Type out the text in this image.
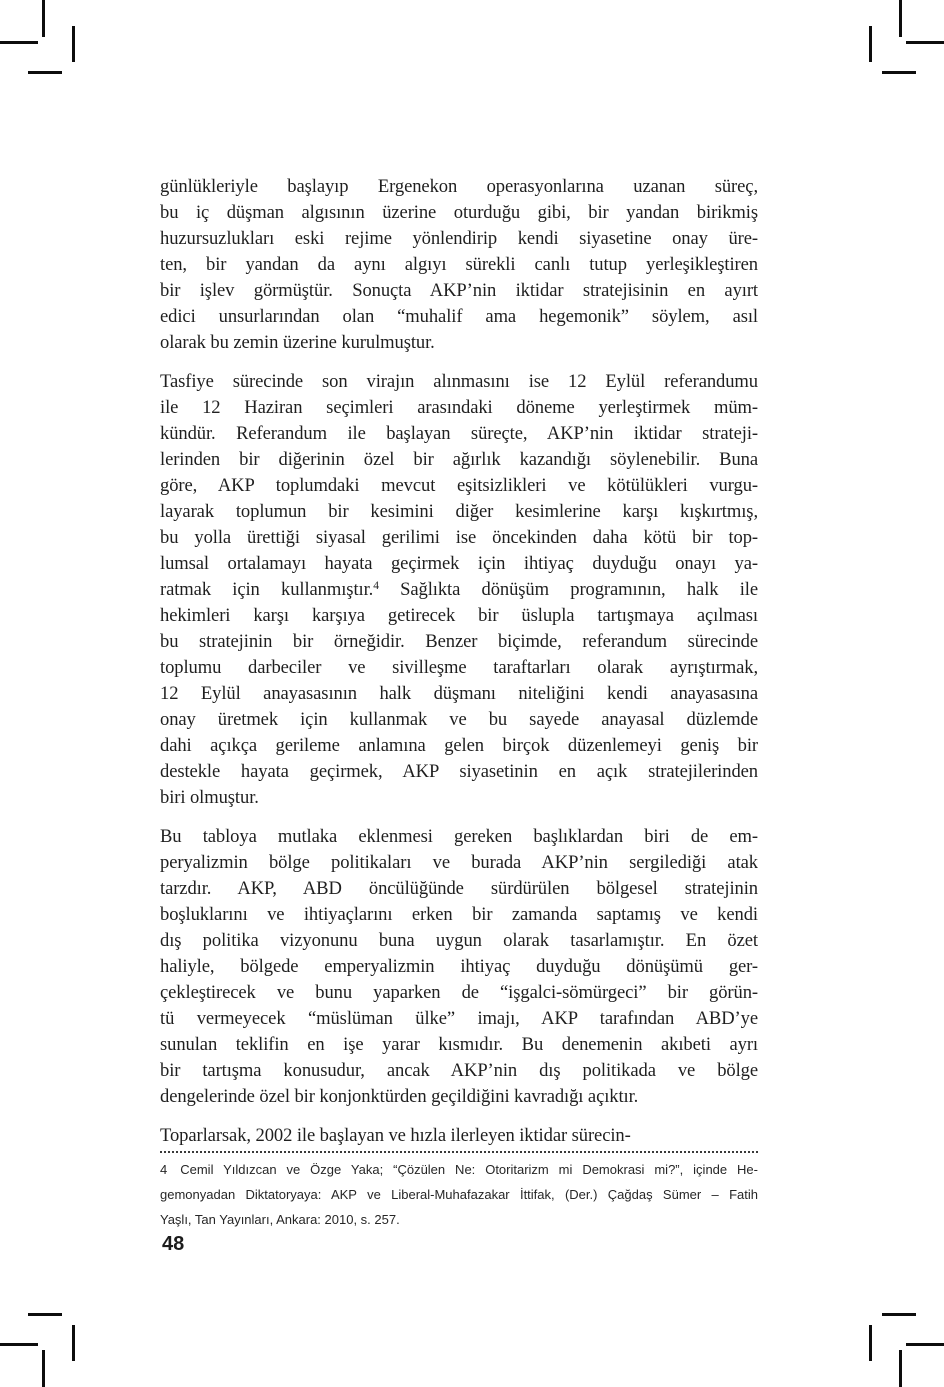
günlükleriyle başlayıp Ergenekon operasyonlarına uzanan süreç,
bu iç düşman algısının üzerine oturduğu gibi, bir yandan birikmiş
huzursuzlukları eski rejime yönlendirip kendi siyasetine onay üre-
ten, bir yandan da aynı algıyı sürekli canlı tutup yerleşikleştiren
bir işlev görmüştür. Sonuçta AKP’nin iktidar stratejisinin en ayırt
edici unsurlarından olan “muhalif ama hegemonik” söylem, asıl
olarak bu zemin üzerine kurulmuştur.

Tasfiye sürecinde son virajın alınmasını ise 12 Eylül referandumu
ile 12 Haziran seçimleri arasındaki döneme yerleştirmek müm-
kündür. Referandum ile başlayan süreçte, AKP’nin iktidar strateji-
lerinden bir diğerinin özel bir ağırlık kazandığı söylenebilir. Buna
göre, AKP toplumdaki mevcut eşitsizlikleri ve kötülükleri vurgu-
layarak toplumun bir kesimini diğer kesimlerine karşı kışkırtmış,
bu yolla ürettiği siyasal gerilimi ise öncekinden daha kötü bir top-
lumsal ortalamayı hayata geçirmek için ihtiyaç duyduğu onayı ya-
ratmak için kullanmıştır.$^4$ Sağlıkta dönüşüm programının, halk ile
hekimleri karşı karşıya getirecek bir üslupla tartışmaya açılması
bu stratejinin bir örneğidir. Benzer biçimde, referandum sürecinde
toplumu darbeciler ve sivilleşme taraftarları olarak ayrıştırmak,
12 Eylül anayasasının halk düşmanı niteliğini kendi anayasasına
onay üretmek için kullanmak ve bu sayede anayasal düzlemde
dahi açıkça gerileme anlamına gelen birçok düzenlemeyi geniş bir
destekle hayata geçirmek, AKP siyasetinin en açık stratejilerinden
biri olmuştur.

Bu tabloya mutlaka eklenmesi gereken başlıklardan biri de em-
peryalizmin bölge politikaları ve burada AKP’nin sergilediği atak
tarzdır. AKP, ABD öncülüğünde sürdürülen bölgesel stratejinin
boşluklarını ve ihtiyaçlarını erken bir zamanda saptamış ve kendi
dış politika vizyonunu buna uygun olarak tasarlamıştır. En özet
haliyle, bölgede emperyalizmin ihtiyaç duyduğu dönüşümü ger-
çekleştirecek ve bunu yaparken de “işgalci-sömürgeci” bir görün-
tü vermeyecek “müslüman ülke” imajı, AKP tarafından ABD’ye
sunulan teklifin en işe yarar kısmıdır. Bu denemenin akıbeti ayrı
bir tartışma konusudur, ancak AKP’nin dış politikada ve bölge
dengelerinde özel bir konjonktürden geçildiğini kavradığı açıktır.

Toparlarsak, 2002 ile başlayan ve hızla ilerleyen iktidar sürecin-

4  Cemil Yıldızcan ve Özge Yaka; “Çözülen Ne: Otoritarizm mi Demokrasi mi?”, içinde He-
gemonyadan Diktatoryaya: AKP ve Liberal-Muhafazakar İttifak, (Der.) Çağdaş Sümer – Fatih
Yaşlı, Tan Yayınları, Ankara: 2010, s. 257.
48
